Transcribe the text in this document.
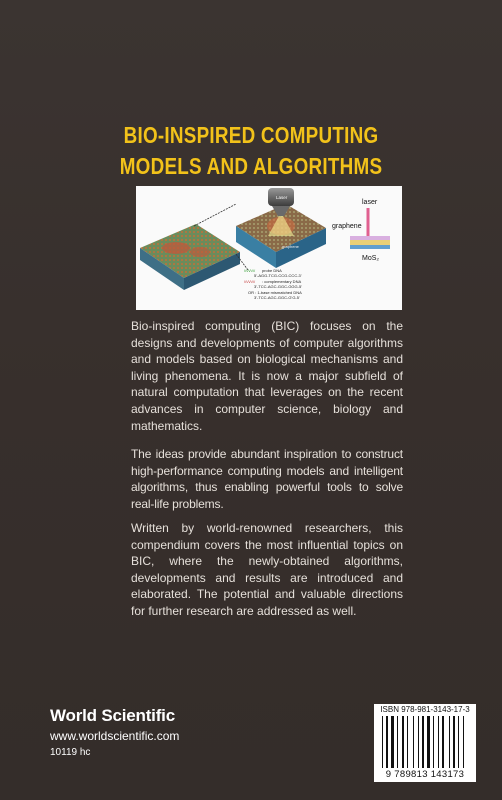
BIO-INSPIRED COMPUTING
MODELS AND ALGORITHMS
graphene
Laser
laser
graphene
MoS₂
\/\/\/\/\/ probe DNA
5'-AGG-TCG-CCG-CCC-3'
\/\/\/\/\/ : complementary DNA
3'-TCC-AGC-GGC-GGG-5'
OR : 1-base mismatched DNA
3'-TCC-AGC-GGC-G’G-5'
Bio-inspired computing (BIC) focuses on the designs and developments of computer algorithms and models based on biological mechanisms and living phenomena. It is now a major subfield of natural computation that leverages on the recent advances in computer science, biology and mathematics.
The ideas provide abundant inspiration to construct high-performance computing models and intelligent algorithms, thus enabling powerful tools to solve real-life problems.
Written by world-renowned researchers, this compendium covers the most influential topics on BIC, where the newly-obtained algorithms, developments and results are introduced and elaborated. The potential and valuable directions for further research are addressed as well.
World Scientific
www.worldscientific.com
10119 hc
ISBN 978-981-3143-17-3
9 789813 143173
